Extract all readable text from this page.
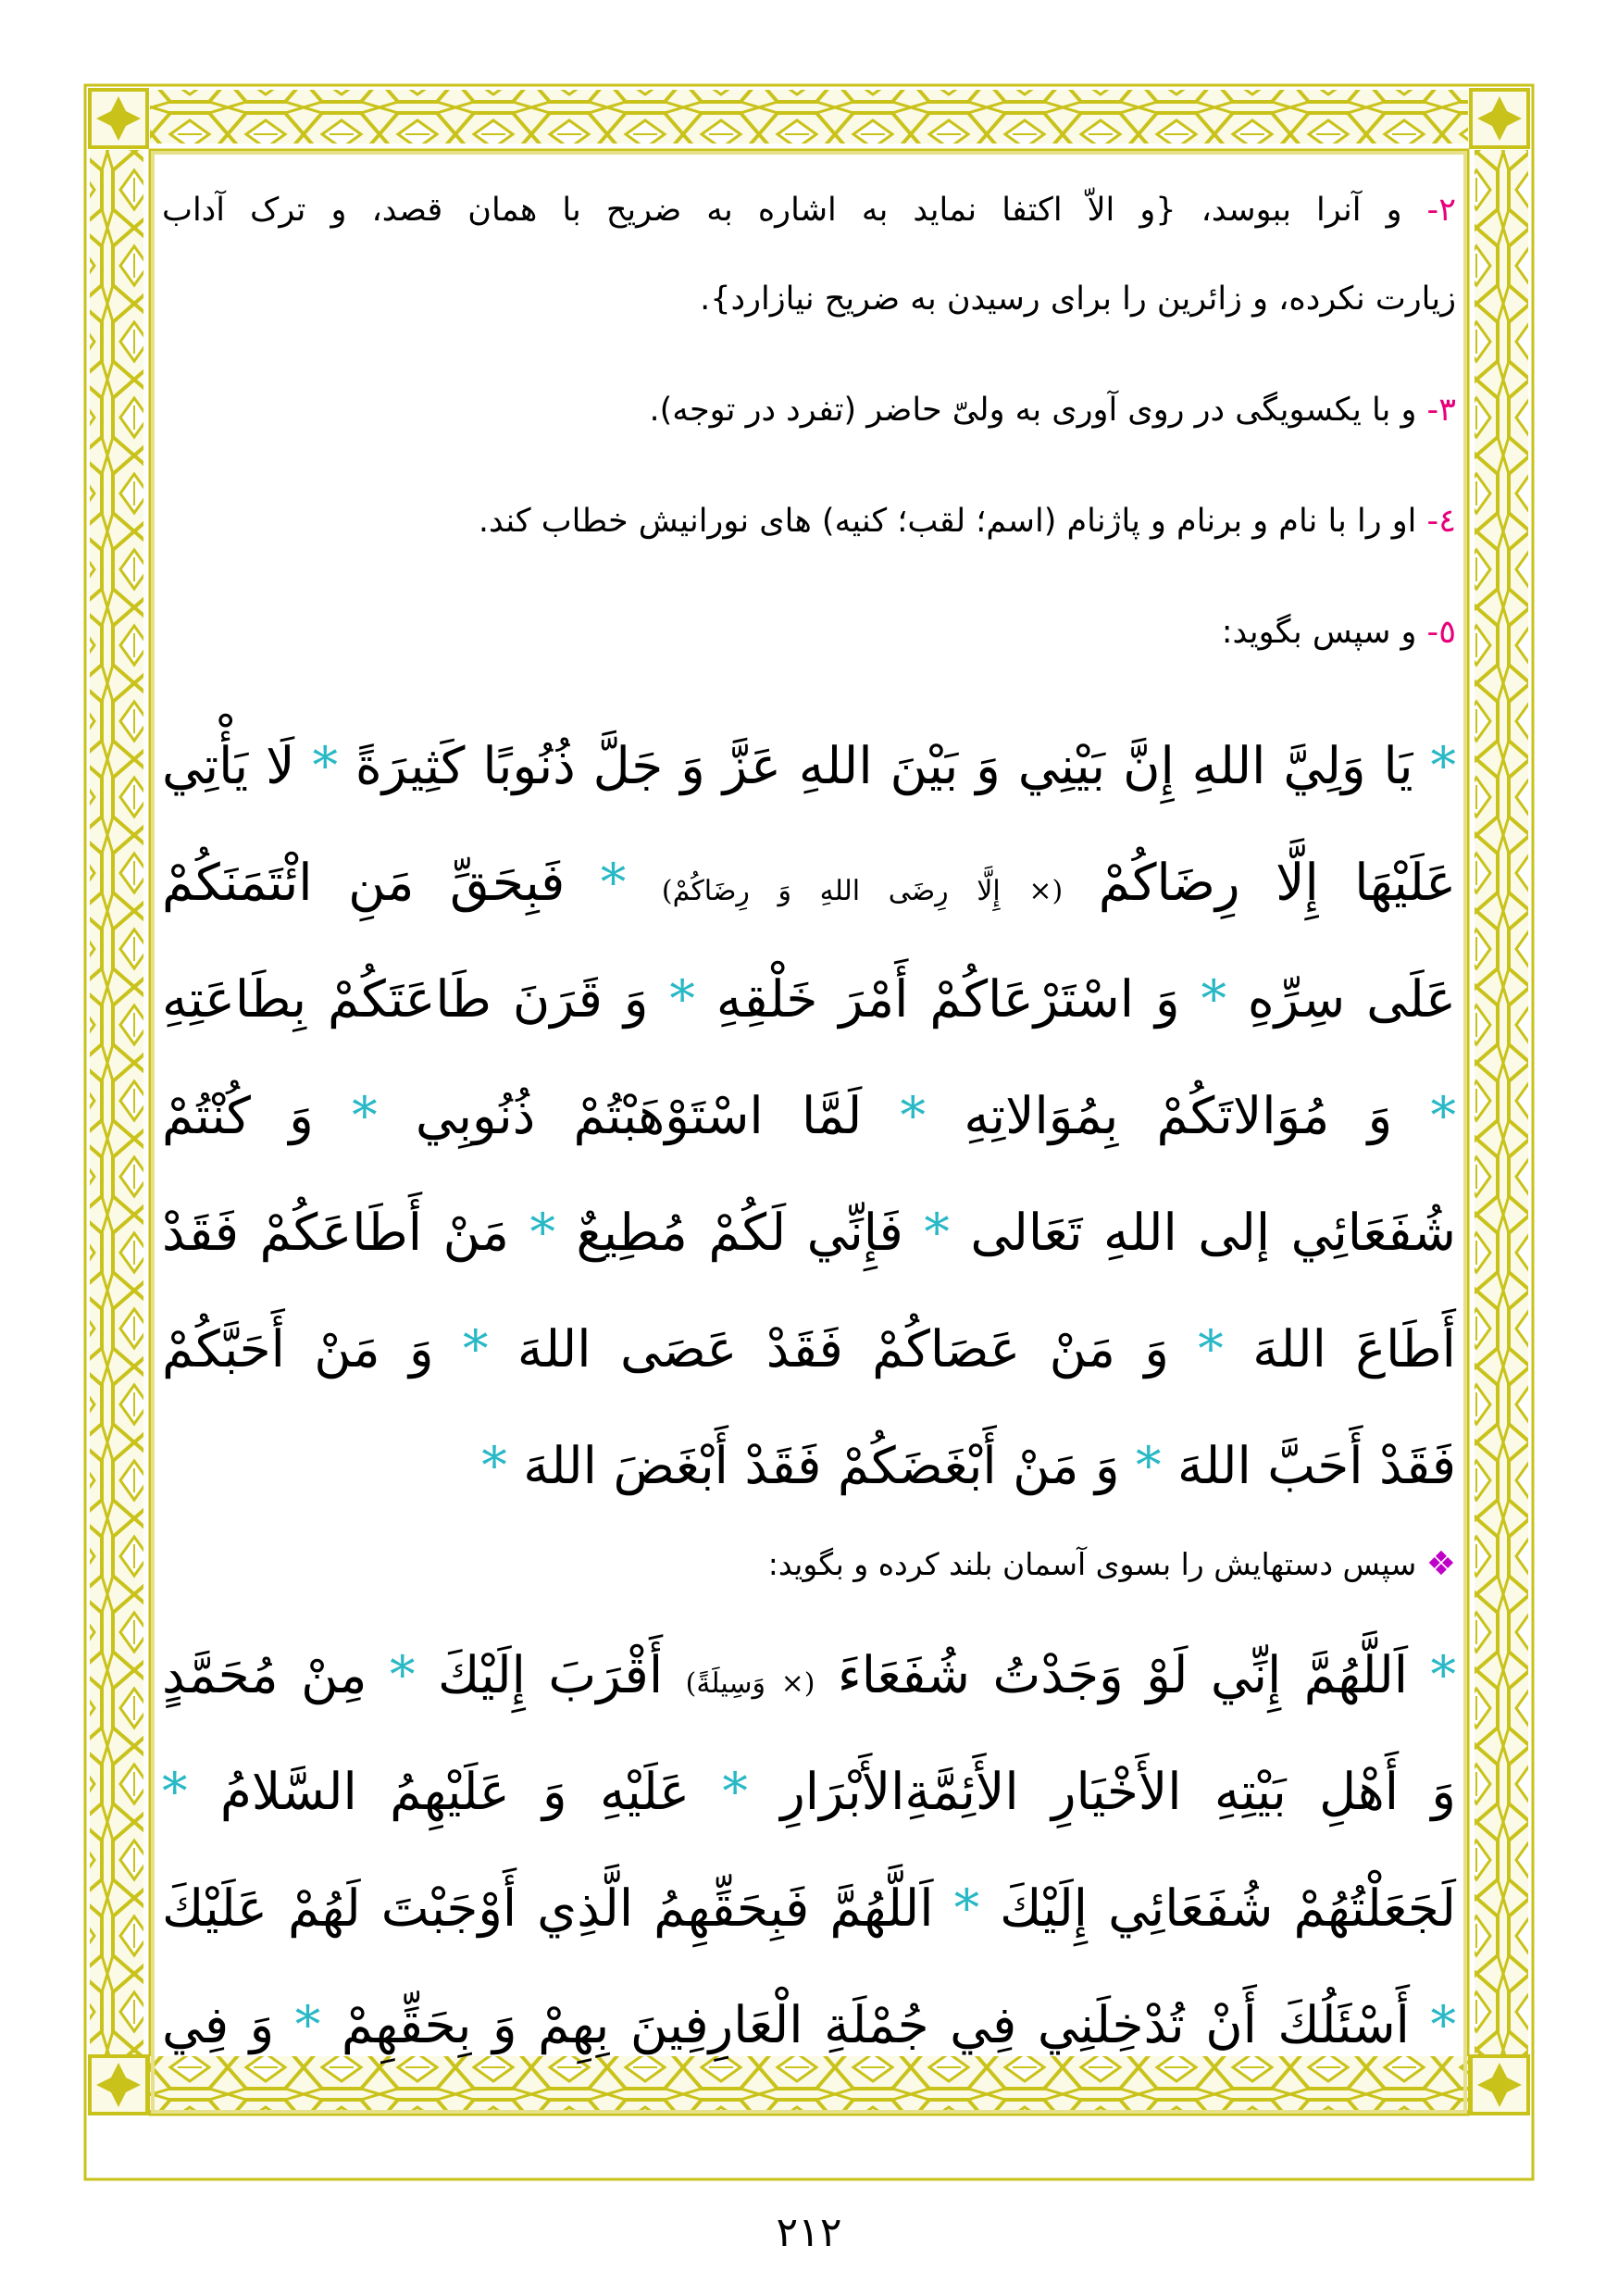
٢- و آنرا ببوسد، {و الاّ اکتفا نماید به اشاره به ضریح با همان قصد، و ترک آداب
زیارت نکرده، و زائرین را برای رسیدن به ضریح نیازارد}.
٣- و با یکسویگی در روی آوری به ولیّ حاضر (تفرد در توجه).
٤- او را با نام و برنام و پاژنام (اسم؛ لقب؛ کنیه) های نورانیش خطاب کند.
٥- و سپس بگوید:
* يَا وَلِيَّ اللهِ إِنَّ بَيْنِي وَ بَيْنَ اللهِ عَزَّ وَ جَلَّ ذُنُوبًا كَثِيرَةً * لَا يَأْتِي
عَلَيْهَا إِلَّا رِضَاكُمْ (× إِلَّا رِضَى اللهِ وَ رِضَاكُمْ) * فَبِحَقِّ مَنِ ائْتَمَنَكُمْ
عَلَى سِرِّهِ * وَ اسْتَرْعَاكُمْ أَمْرَ خَلْقِهِ * وَ قَرَنَ طَاعَتَكُمْ بِطَاعَتِهِ
* وَ مُوَالاتَكُمْ بِمُوَالاتِهِ * لَمَّا اسْتَوْهَبْتُمْ ذُنُوبِي * وَ كُنْتُمْ
شُفَعَائِي إلى اللهِ تَعَالى * فَإِنِّي لَكُمْ مُطِيعٌ * مَنْ أَطَاعَكُمْ فَقَدْ
أَطَاعَ اللهَ * وَ مَنْ عَصَاكُمْ فَقَدْ عَصَى اللهَ * وَ مَنْ أَحَبَّكُمْ
فَقَدْ أَحَبَّ اللهَ * وَ مَنْ أَبْغَضَكُمْ فَقَدْ أَبْغَضَ اللهَ *
❖ سپس دستهایش را بسوی آسمان بلند کرده و بگوید:
* اَللَّهُمَّ إِنِّي لَوْ وَجَدْتُ شُفَعَاءَ (× وَسِيلَةً) أَقْرَبَ إِلَيْكَ * مِنْ مُحَمَّدٍ
وَ أَهْلِ بَيْتِهِ الأَخْيَارِ الأَئِمَّةِالأَبْرَارِ * عَلَيْهِ وَ عَلَيْهِمُ السَّلامُ *
لَجَعَلْتُهُمْ شُفَعَائِي إِلَيْكَ * اَللَّهُمَّ فَبِحَقِّهِمُ الَّذِي أَوْجَبْتَ لَهُمْ عَلَيْكَ
* أَسْئَلُكَ أَنْ تُدْخِلَنِي فِي جُمْلَةِ الْعَارِفِينَ بِهِمْ وَ بِحَقِّهِمْ * وَ فِي
٢١٢
